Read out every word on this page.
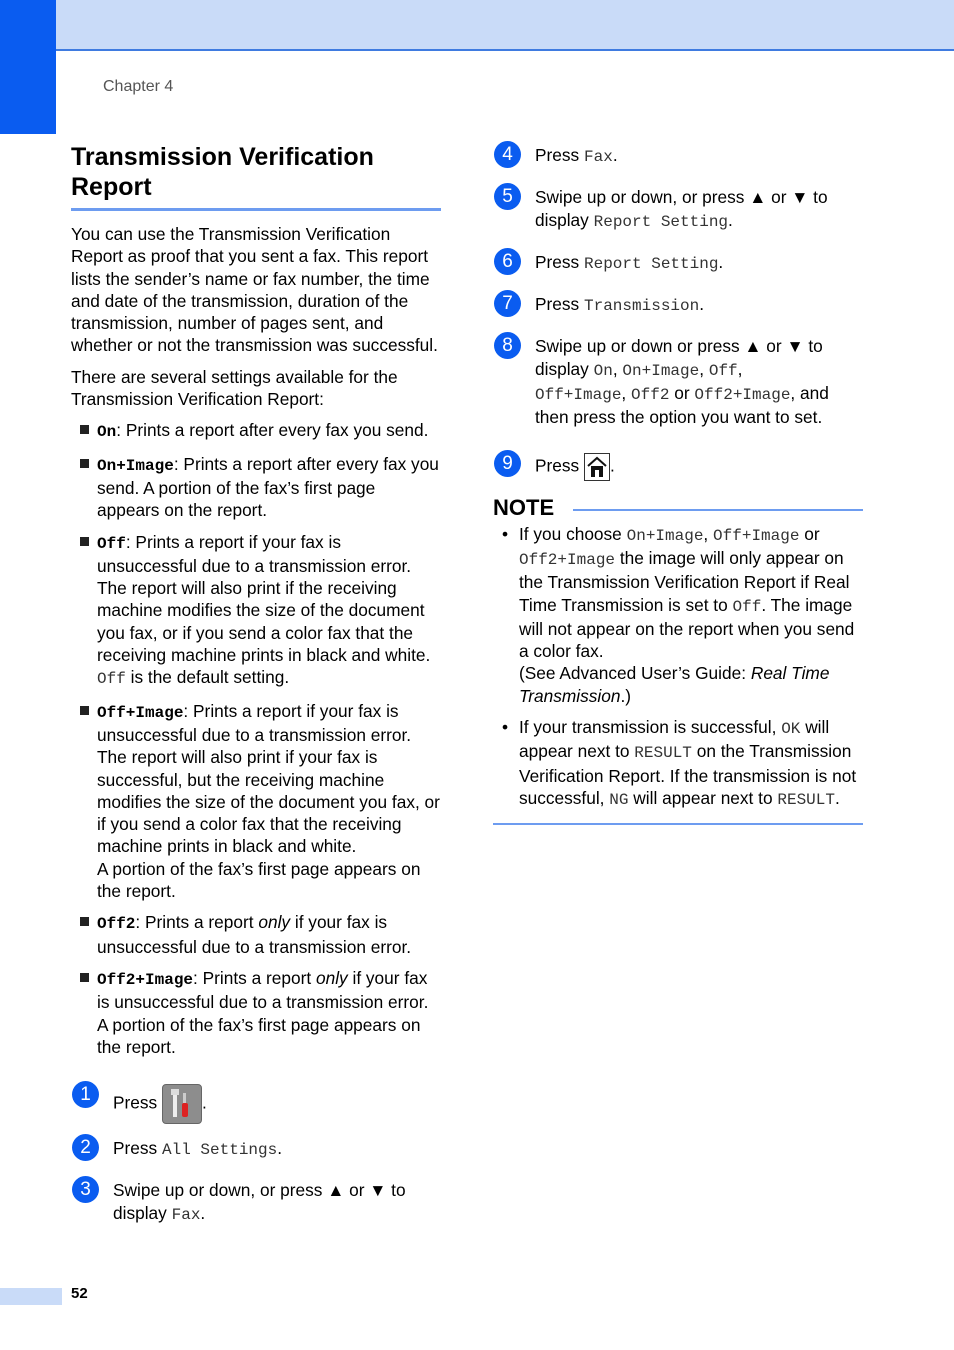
Chapter 4
Transmission Verification
Report

You can use the Transmission Verification Report as proof that you sent a fax. This report lists the sender’s name or fax number, the time and date of the transmission, duration of the transmission, number of pages sent, and whether or not the transmission was successful.

There are several settings available for the Transmission Verification Report:

On: Prints a report after every fax you send.
On+Image: Prints a report after every fax you send. A portion of the fax’s first page appears on the report.
Off: Prints a report if your fax is unsuccessful due to a transmission error. The report will also print if the receiving machine modifies the size of the document you fax, or if you send a color fax that the receiving machine prints in black and white. Off is the default setting.
Off+Image: Prints a report if your fax is unsuccessful due to a transmission error. The report will also print if your fax is successful, but the receiving machine modifies the size of the document you fax, or if you send a color fax that the receiving machine prints in black and white.
A portion of the fax’s first page appears on the report.
Off2: Prints a report only if your fax is unsuccessful due to a transmission error.
Off2+Image: Prints a report only if your fax is unsuccessful due to a transmission error. A portion of the fax’s first page appears on the report.
1	Press	.
2	Press All Settings.
3	Swipe up or down, or press ▲ or ▼ to display Fax.
4	Press Fax.
5	Swipe up or down, or press ▲ or ▼ to display Report Setting.
6	Press Report Setting.
7	Press Transmission.
8	Swipe up or down or press ▲ or ▼ to display On, On+Image, Off,
Off+Image, Off2 or Off2+Image, and then press the option you want to set.
9	Press .
NOTE
• If you choose On+Image, Off+Image or Off2+Image the image will only appear on the Transmission Verification Report if Real Time Transmission is set to Off. The image will not appear on the report when you send a color fax.
(See Advanced User’s Guide: Real Time Transmission.)
• If your transmission is successful, OK will appear next to RESULT on the Transmission Verification Report. If the transmission is not successful, NG will appear next to RESULT.
52
